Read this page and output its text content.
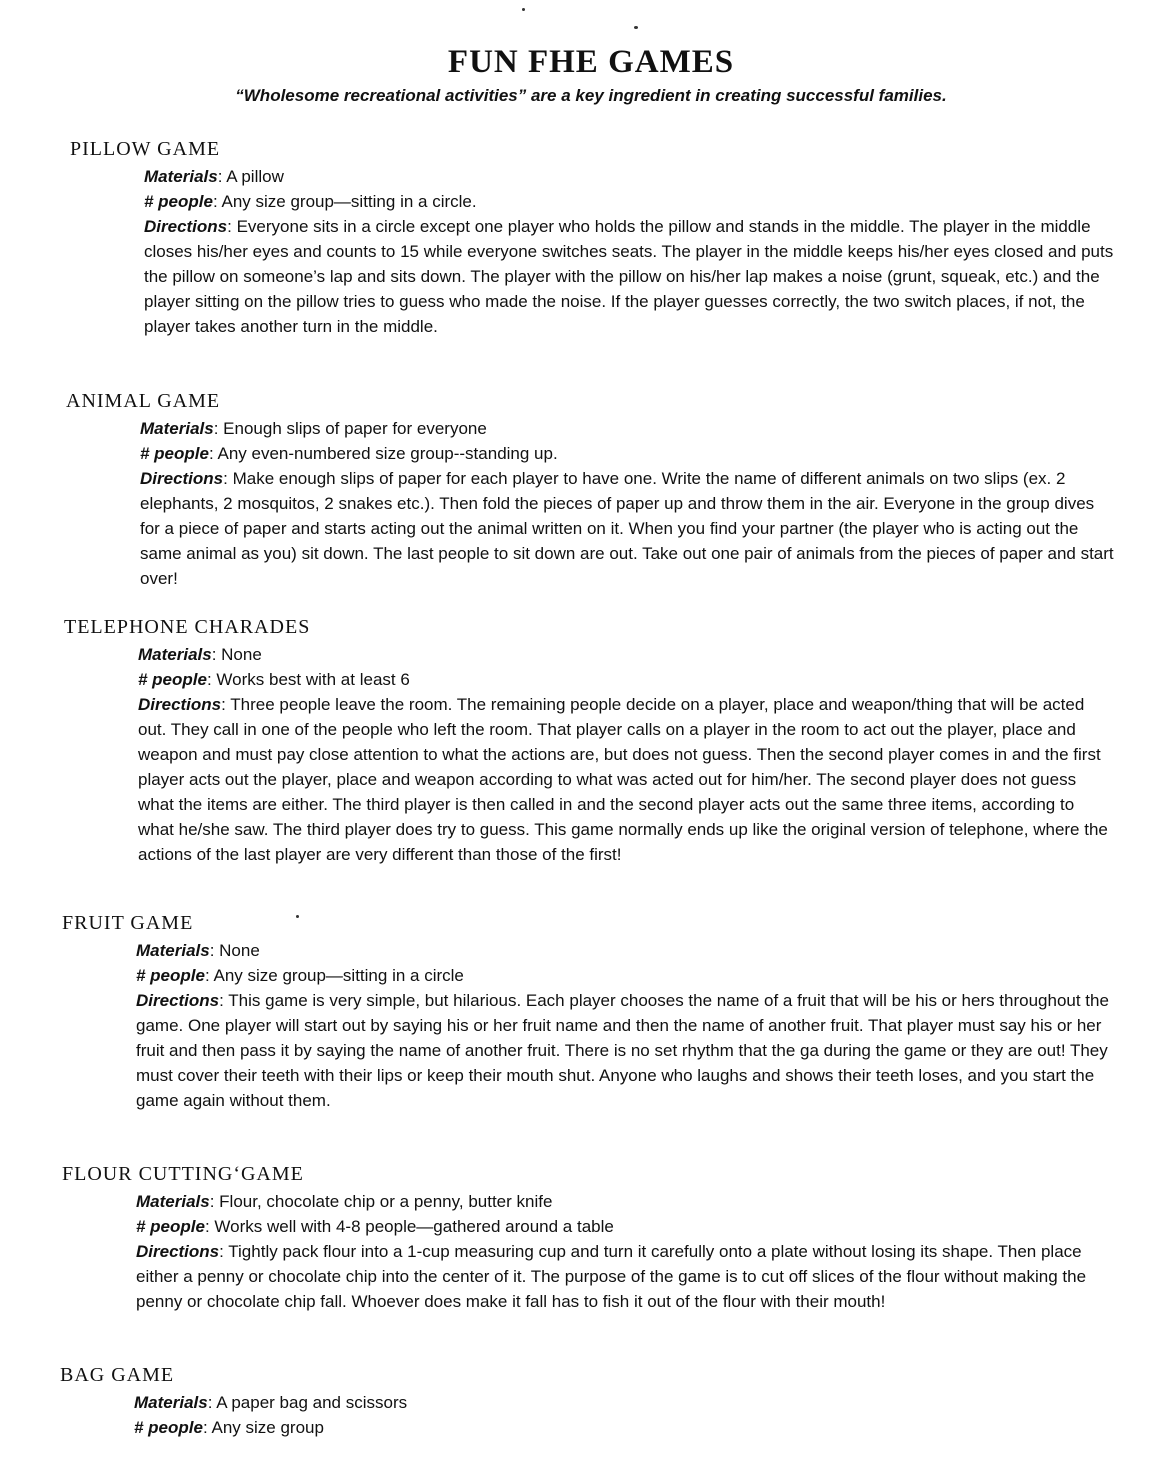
FUN FHE GAMES
“Wholesome recreational activities” are a key ingredient in creating successful families.
PILLOW GAME
Materials: A pillow
# people: Any size group—sitting in a circle.
Directions: Everyone sits in a circle except one player who holds the pillow and stands in the middle. The player in the middle closes his/her eyes and counts to 15 while everyone switches seats. The player in the middle keeps his/her eyes closed and puts the pillow on someone’s lap and sits down. The player with the pillow on his/her lap makes a noise (grunt, squeak, etc.) and the player sitting on the pillow tries to guess who made the noise. If the player guesses correctly, the two switch places, if not, the player takes another turn in the middle.
ANIMAL GAME
Materials: Enough slips of paper for everyone
# people: Any even-numbered size group--standing up.
Directions: Make enough slips of paper for each player to have one. Write the name of different animals on two slips (ex. 2 elephants, 2 mosquitos, 2 snakes etc.). Then fold the pieces of paper up and throw them in the air. Everyone in the group dives for a piece of paper and starts acting out the animal written on it. When you find your partner (the player who is acting out the same animal as you) sit down. The last people to sit down are out. Take out one pair of animals from the pieces of paper and start over!
TELEPHONE CHARADES
Materials: None
# people: Works best with at least 6
Directions: Three people leave the room. The remaining people decide on a player, place and weapon/thing that will be acted out. They call in one of the people who left the room. That player calls on a player in the room to act out the player, place and weapon and must pay close attention to what the actions are, but does not guess. Then the second player comes in and the first player acts out the player, place and weapon according to what was acted out for him/her. The second player does not guess what the items are either. The third player is then called in and the second player acts out the same three items, according to what he/she saw. The third player does try to guess. This game normally ends up like the original version of telephone, where the actions of the last player are very different than those of the first!
FRUIT GAME
Materials: None
# people: Any size group—sitting in a circle
Directions: This game is very simple, but hilarious. Each player chooses the name of a fruit that will be his or hers throughout the game. One player will start out by saying his or her fruit name and then the name of another fruit. That player must say his or her fruit and then pass it by saying the name of another fruit. There is no set rhythm that the ga during the game or they are out! They must cover their teeth with their lips or keep their mouth shut. Anyone who laughs and shows their teeth loses, and you start the game again without them.
FLOUR CUTTING‘GAME
Materials: Flour, chocolate chip or a penny, butter knife
# people: Works well with 4-8 people—gathered around a table
Directions: Tightly pack flour into a 1-cup measuring cup and turn it carefully onto a plate without losing its shape. Then place either a penny or chocolate chip into the center of it. The purpose of the game is to cut off slices of the flour without making the penny or chocolate chip fall. Whoever does make it fall has to fish it out of the flour with their mouth!
BAG GAME
Materials: A paper bag and scissors
# people: Any size group
